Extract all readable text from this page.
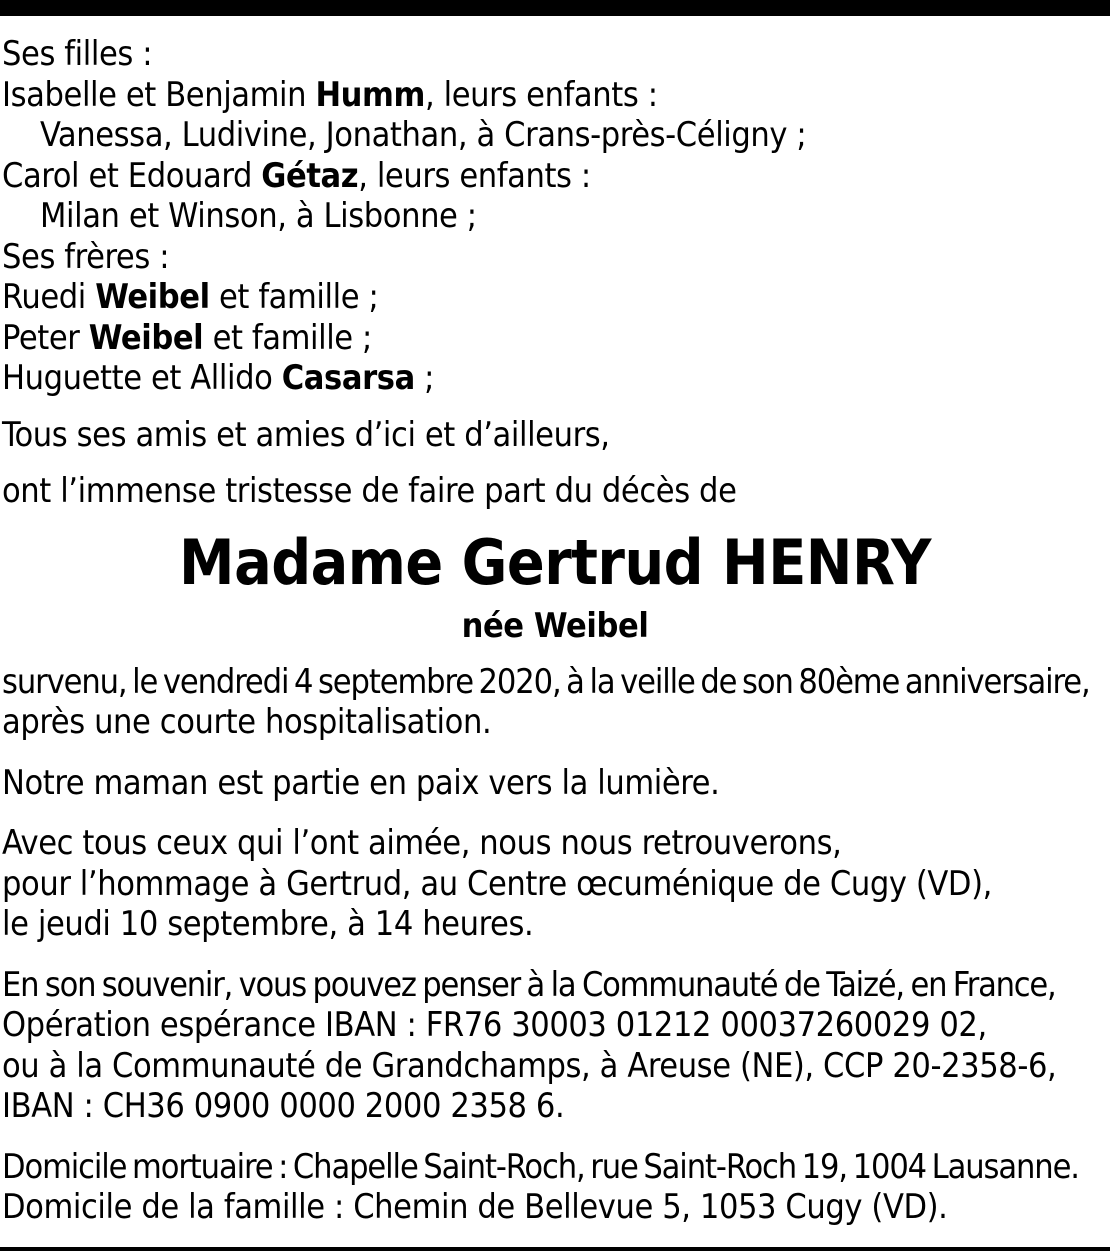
Ses filles :
Isabelle et Benjamin Humm, leurs enfants :
Vanessa, Ludivine, Jonathan, à Crans-près-Céligny ;
Carol et Edouard Gétaz, leurs enfants :
Milan et Winson, à Lisbonne ;
Ses frères :
Ruedi Weibel et famille ;
Peter Weibel et famille ;
Huguette et Allido Casarsa ;
Tous ses amis et amies d’ici et d’ailleurs,
ont l’immense tristesse de faire part du décès de
Madame Gertrud HENRY
née Weibel
survenu, le vendredi 4 septembre 2020, à la veille de son 80ème anniversaire,
après une courte hospitalisation.
Notre maman est partie en paix vers la lumière.
Avec tous ceux qui l’ont aimée, nous nous retrouverons,
pour l’hommage à Gertrud, au Centre œcuménique de Cugy (VD),
le jeudi 10 septembre, à 14 heures.
En son souvenir, vous pouvez penser à la Communauté de Taizé, en France,
Opération espérance IBAN : FR76 30003 01212 00037260029 02,
ou à la Communauté de Grandchamps, à Areuse (NE), CCP 20-2358-6,
IBAN : CH36 0900 0000 2000 2358 6.
Domicile mortuaire : Chapelle Saint-Roch, rue Saint-Roch 19, 1004 Lausanne.
Domicile de la famille : Chemin de Bellevue 5, 1053 Cugy (VD).
